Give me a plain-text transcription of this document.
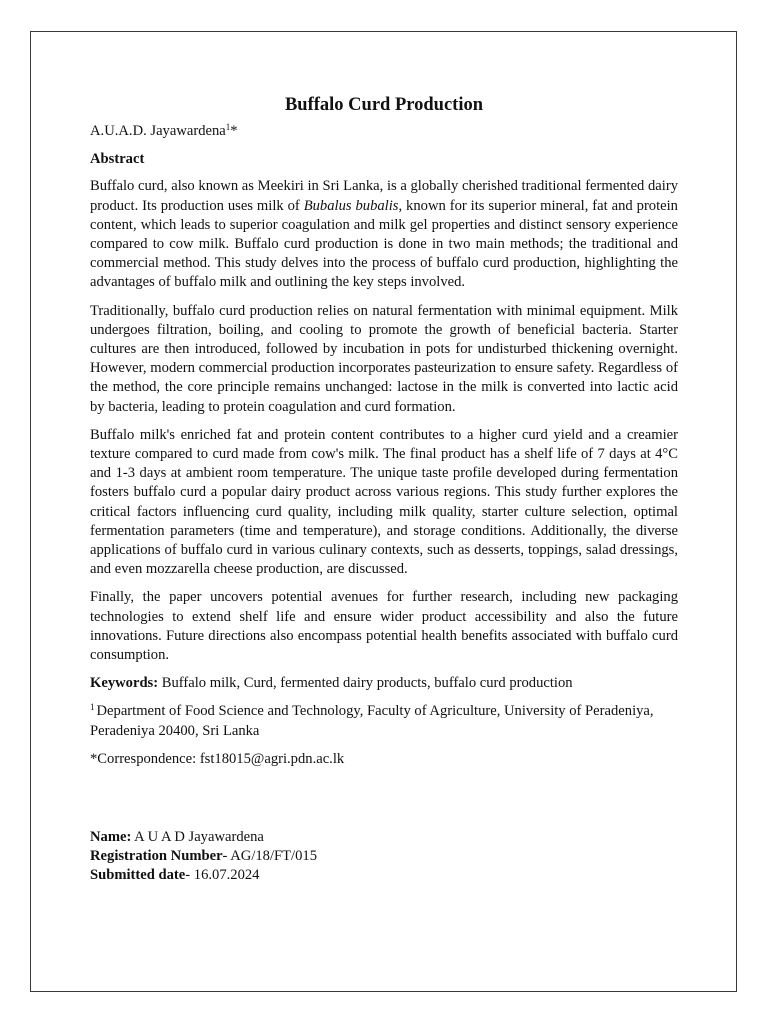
Buffalo Curd Production
A.U.A.D. Jayawardena$^1$*
Abstract
Buffalo curd, also known as Meekiri in Sri Lanka, is a globally cherished traditional fermented dairy product. Its production uses milk of Bubalus bubalis, known for its superior mineral, fat and protein content, which leads to superior coagulation and milk gel properties and distinct sensory experience compared to cow milk. Buffalo curd production is done in two main methods; the traditional and commercial method. This study delves into the process of buffalo curd production, highlighting the advantages of buffalo milk and outlining the key steps involved.
Traditionally, buffalo curd production relies on natural fermentation with minimal equipment. Milk undergoes filtration, boiling, and cooling to promote the growth of beneficial bacteria. Starter cultures are then introduced, followed by incubation in pots for undisturbed thickening overnight. However, modern commercial production incorporates pasteurization to ensure safety. Regardless of the method, the core principle remains unchanged: lactose in the milk is converted into lactic acid by bacteria, leading to protein coagulation and curd formation.
Buffalo milk's enriched fat and protein content contributes to a higher curd yield and a creamier texture compared to curd made from cow's milk. The final product has a shelf life of 7 days at 4°C and 1-3 days at ambient room temperature. The unique taste profile developed during fermentation fosters buffalo curd a popular dairy product across various regions. This study further explores the critical factors influencing curd quality, including milk quality, starter culture selection, optimal fermentation parameters (time and temperature), and storage conditions. Additionally, the diverse applications of buffalo curd in various culinary contexts, such as desserts, toppings, salad dressings, and even mozzarella cheese production, are discussed.
Finally, the paper uncovers potential avenues for further research, including new packaging technologies to extend shelf life and ensure wider product accessibility and also the future innovations. Future directions also encompass potential health benefits associated with buffalo curd consumption.
Keywords: Buffalo milk, Curd, fermented dairy products, buffalo curd production
$^1$ Department of Food Science and Technology, Faculty of Agriculture, University of Peradeniya, Peradeniya 20400, Sri Lanka
*Correspondence: fst18015@agri.pdn.ac.lk
Name: A U A D Jayawardena
Registration Number- AG/18/FT/015
Submitted date- 16.07.2024
